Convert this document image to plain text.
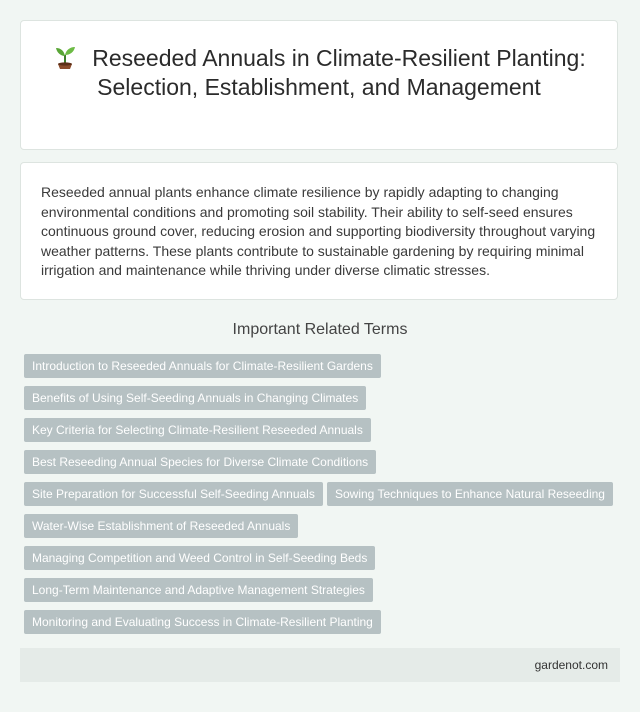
Reseeded Annuals in Climate-Resilient Planting: Selection, Establishment, and Management

Reseeded annual plants enhance climate resilience by rapidly adapting to changing environmental conditions and promoting soil stability. Their ability to self-seed ensures continuous ground cover, reducing erosion and supporting biodiversity throughout varying weather patterns. These plants contribute to sustainable gardening by requiring minimal irrigation and maintenance while thriving under diverse climatic stresses.

Important Related Terms
Introduction to Reseeded Annuals for Climate-Resilient Gardens
Benefits of Using Self-Seeding Annuals in Changing Climates
Key Criteria for Selecting Climate-Resilient Reseeded Annuals
Best Reseeding Annual Species for Diverse Climate Conditions
Site Preparation for Successful Self-Seeding Annuals	Sowing Techniques to Enhance Natural Reseeding
Water-Wise Establishment of Reseeded Annuals
Managing Competition and Weed Control in Self-Seeding Beds
Long-Term Maintenance and Adaptive Management Strategies
Monitoring and Evaluating Success in Climate-Resilient Planting
gardenot.com
